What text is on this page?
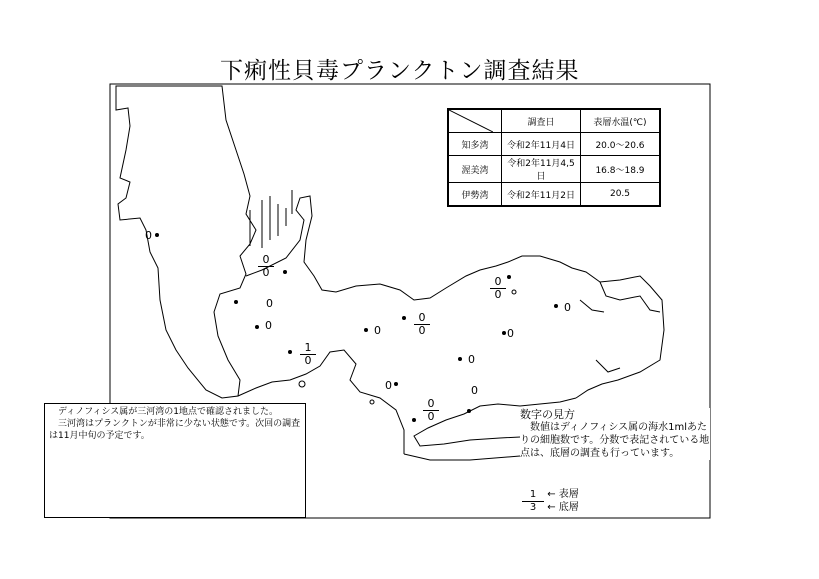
下痢性貝毒プランクトン調査結果
	調査日	表層水温(℃)
知多湾	令和2年11月4日	20.0～20.6
渥美湾	令和2年11月4,5日	16.8～18.9
伊勢湾	令和2年11月2日	20.5
0
$\frac{0}{0}$
0
0
$\frac{1}{0}$
0	$\frac{0}{0}$
$\frac{0}{0}$
0
0
0
0	0
$\frac{0}{0}$

ディノフィシス属が三河湾の1地点で確認されました。

三河湾はプランクトンが非常に少ない状態です。次回の調査は11月中旬の予定です。

数字の見方

数値はディノフィシス属の海水1mlあたりの細胞数です。分数で表記されている地点は、底層の調査も行っています。

1 ← 表層
3 ← 底層
